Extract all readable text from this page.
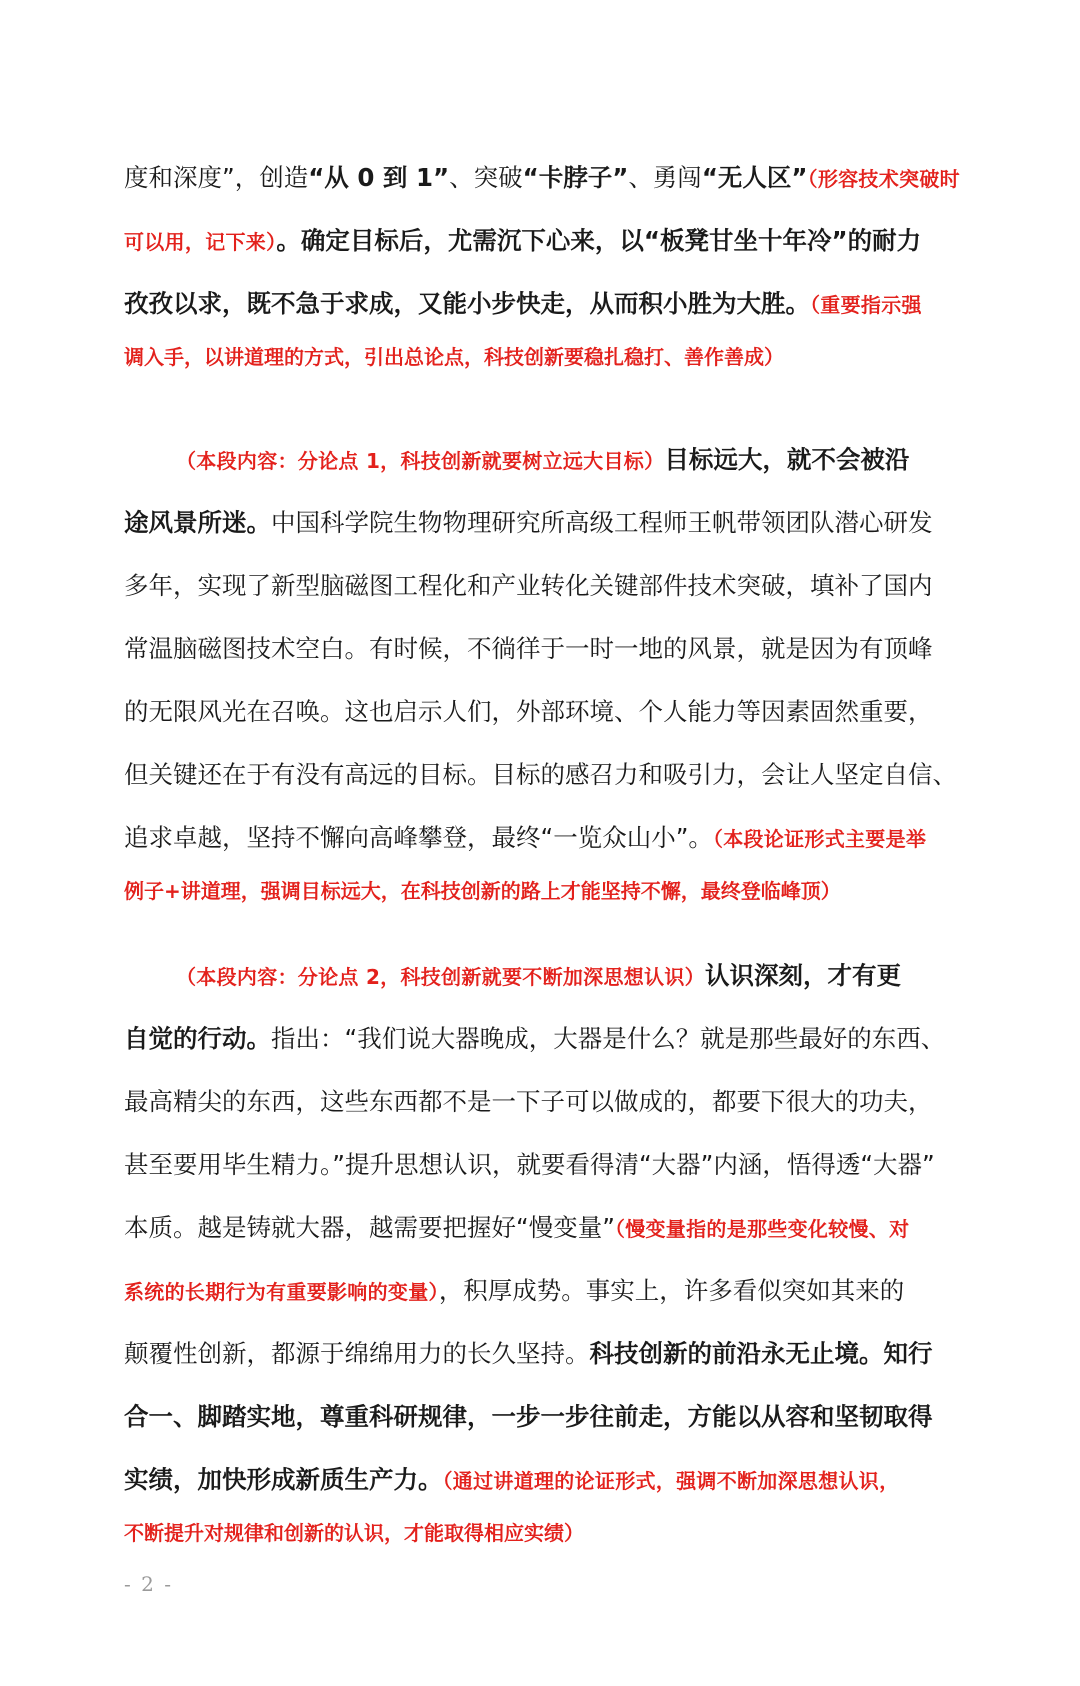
度和深度”，创造“从 0 到 1”、突破“卡脖子”、勇闯“无人区”（形容技术突破时
可以用，记下来）。确定目标后，尤需沉下心来，以“板凳甘坐十年冷”的耐力
孜孜以求，既不急于求成，又能小步快走，从而积小胜为大胜。（重要指示强
调入手，以讲道理的方式，引出总论点，科技创新要稳扎稳打、善作善成）
（本段内容：分论点 1，科技创新就要树立远大目标）目标远大，就不会被沿
途风景所迷。中国科学院生物物理研究所高级工程师王帆带领团队潜心研发
多年，实现了新型脑磁图工程化和产业转化关键部件技术突破，填补了国内
常温脑磁图技术空白。有时候，不徜徉于一时一地的风景，就是因为有顶峰
的无限风光在召唤。这也启示人们，外部环境、个人能力等因素固然重要，
但关键还在于有没有高远的目标。目标的感召力和吸引力，会让人坚定自信、
追求卓越，坚持不懈向高峰攀登，最终“一览众山小”。（本段论证形式主要是举
例子+讲道理，强调目标远大，在科技创新的路上才能坚持不懈，最终登临峰顶）
（本段内容：分论点 2，科技创新就要不断加深思想认识）认识深刻，才有更
自觉的行动。指出：“我们说大器晚成，大器是什么？就是那些最好的东西、
最高精尖的东西，这些东西都不是一下子可以做成的，都要下很大的功夫，
甚至要用毕生精力。”提升思想认识，就要看得清“大器”内涵，悟得透“大器”
本质。越是铸就大器，越需要把握好“慢变量”（慢变量指的是那些变化较慢、对
系统的长期行为有重要影响的变量），积厚成势。事实上，许多看似突如其来的
颠覆性创新，都源于绵绵用力的长久坚持。科技创新的前沿永无止境。知行
合一、脚踏实地，尊重科研规律，一步一步往前走，方能以从容和坚韧取得
实绩，加快形成新质生产力。（通过讲道理的论证形式，强调不断加深思想认识，
不断提升对规律和创新的认识，才能取得相应实绩）
- 2 -
